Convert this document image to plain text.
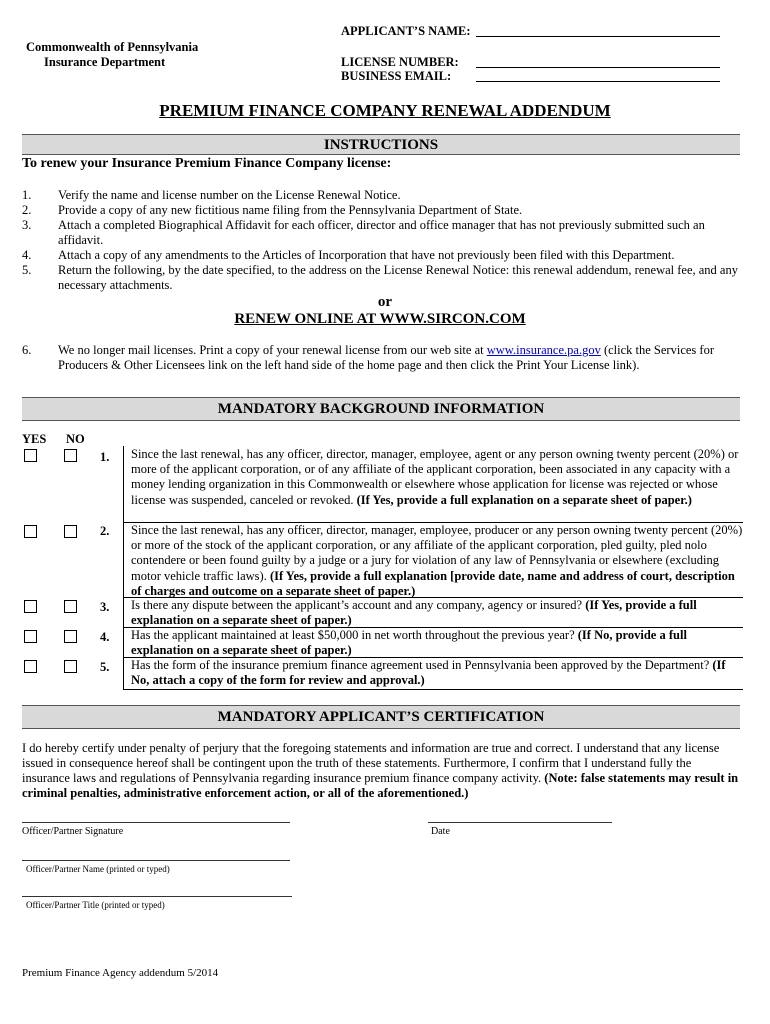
APPLICANT’S NAME:
Commonwealth of Pennsylvania
Insurance Department	LICENSE NUMBER:
BUSINESS EMAIL:
PREMIUM FINANCE COMPANY RENEWAL ADDENDUM
INSTRUCTIONS
To renew your Insurance Premium Finance Company license:
1.	Verify the name and license number on the License Renewal Notice.
2.	Provide a copy of any new fictitious name filing from the Pennsylvania Department of State.
3.	Attach a completed Biographical Affidavit for each officer, director and office manager that has not previously submitted such an affidavit.
4.	Attach a copy of any amendments to the Articles of Incorporation that have not previously been filed with this Department.
5.	Return the following, by the date specified, to the address on the License Renewal Notice: this renewal addendum, renewal fee, and any necessary attachments.
or
RENEW ONLINE AT WWW.SIRCON.COM
6.	We no longer mail licenses. Print a copy of your renewal license from our web site at www.insurance.pa.gov (click the Services for Producers & Other Licensees link on the left hand side of the home page and then click the Print Your License link).
MANDATORY BACKGROUND INFORMATION
YES NO
1.	Since the last renewal, has any officer, director, manager, employee, agent or any person owning twenty percent (20%) or more of the applicant corporation, or of any affiliate of the applicant corporation, been associated in any capacity with a money lending organization in this Commonwealth or elsewhere whose application for license was rejected or whose license was suspended, canceled or revoked. (If Yes, provide a full explanation on a separate sheet of paper.)
2.	Since the last renewal, has any officer, director, manager, employee, producer or any person owning twenty percent (20%) or more of the stock of the applicant corporation, or any affiliate of the applicant corporation, pled guilty, pled nolo contendere or been found guilty by a judge or a jury for violation of any law of Pennsylvania or elsewhere (excluding motor vehicle traffic laws). (If Yes, provide a full explanation [provide date, name and address of court, description of charges and outcome on a separate sheet of paper.)
3.	Is there any dispute between the applicant’s account and any company, agency or insured? (If Yes, provide a full explanation on a separate sheet of paper.)
4.	Has the applicant maintained at least $50,000 in net worth throughout the previous year? (If No, provide a full explanation on a separate sheet of paper.)
5.	Has the form of the insurance premium finance agreement used in Pennsylvania been approved by the Department? (If No, attach a copy of the form for review and approval.)
MANDATORY APPLICANT’S CERTIFICATION
I do hereby certify under penalty of perjury that the foregoing statements and information are true and correct. I understand that any license issued in consequence hereof shall be contingent upon the truth of these statements. Furthermore, I confirm that I understand fully the insurance laws and regulations of Pennsylvania regarding insurance premium finance company activity. (Note: false statements may result in criminal penalties, administrative enforcement action, or all of the aforementioned.)
Officer/Partner Signature	Date
Officer/Partner Name (printed or typed)
Officer/Partner Title (printed or typed)
Premium Finance Agency addendum 5/2014
